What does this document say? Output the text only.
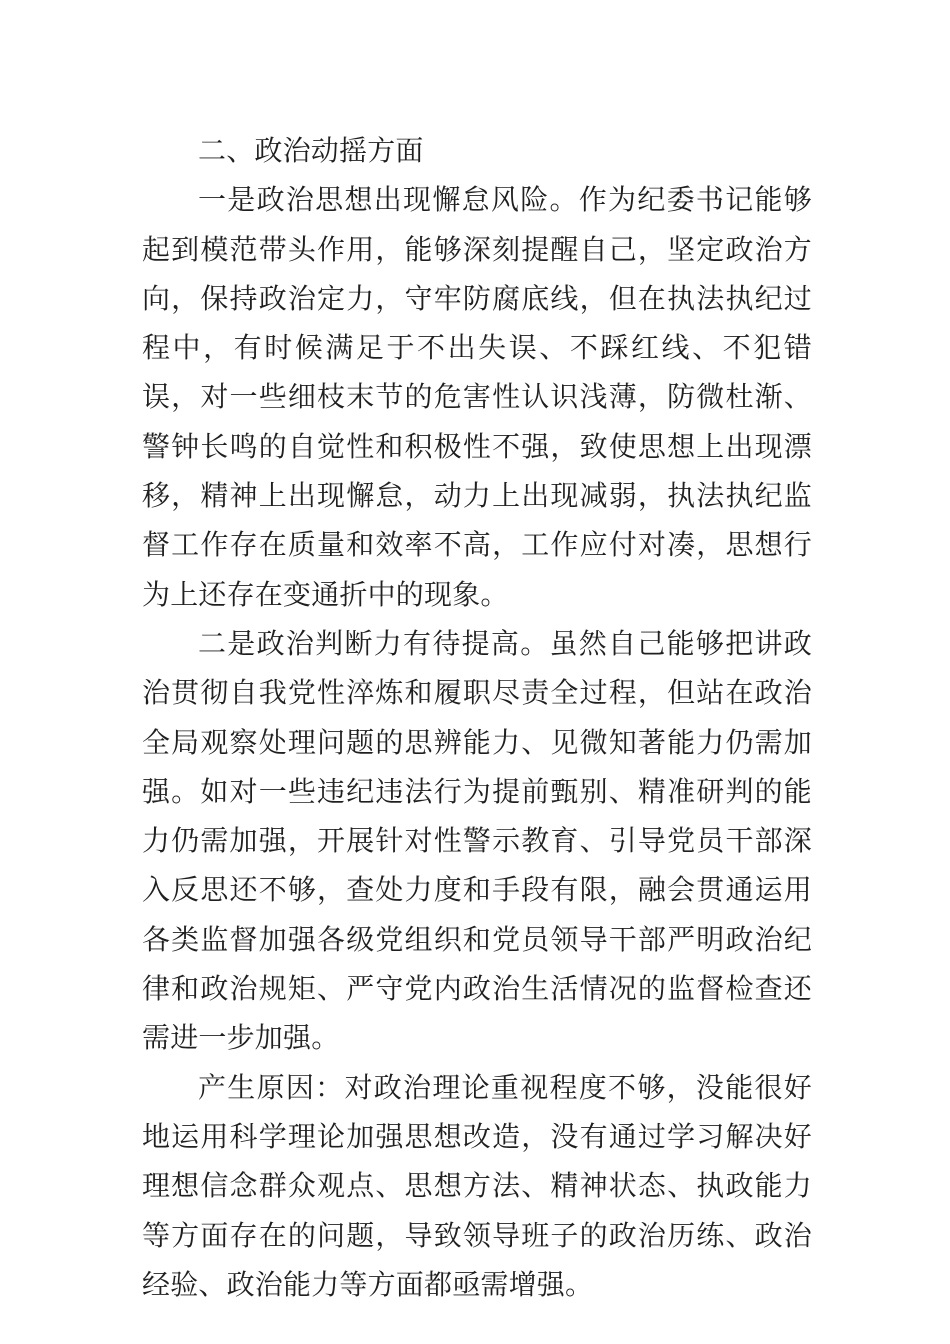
二、政治动摇方面

一是政治思想出现懈怠风险。作为纪委书记能够起到模范带头作用，能够深刻提醒自己，坚定政治方向，保持政治定力，守牢防腐底线，但在执法执纪过程中，有时候满足于不出失误、不踩红线、不犯错误，对一些细枝末节的危害性认识浅薄，防微杜渐、警钟长鸣的自觉性和积极性不强，致使思想上出现漂移，精神上出现懈怠，动力上出现减弱，执法执纪监督工作存在质量和效率不高，工作应付对凑，思想行为上还存在变通折中的现象。

二是政治判断力有待提高。虽然自己能够把讲政治贯彻自我党性淬炼和履职尽责全过程，但站在政治全局观察处理问题的思辨能力、见微知著能力仍需加强。如对一些违纪违法行为提前甄别、精准研判的能力仍需加强，开展针对性警示教育、引导党员干部深入反思还不够，查处力度和手段有限，融会贯通运用各类监督加强各级党组织和党员领导干部严明政治纪律和政治规矩、严守党内政治生活情况的监督检查还需进一步加强。

产生原因：对政治理论重视程度不够，没能很好地运用科学理论加强思想改造，没有通过学习解决好理想信念群众观点、思想方法、精神状态、执政能力等方面存在的问题，导致领导班子的政治历练、政治经验、政治能力等方面都亟需增强。
